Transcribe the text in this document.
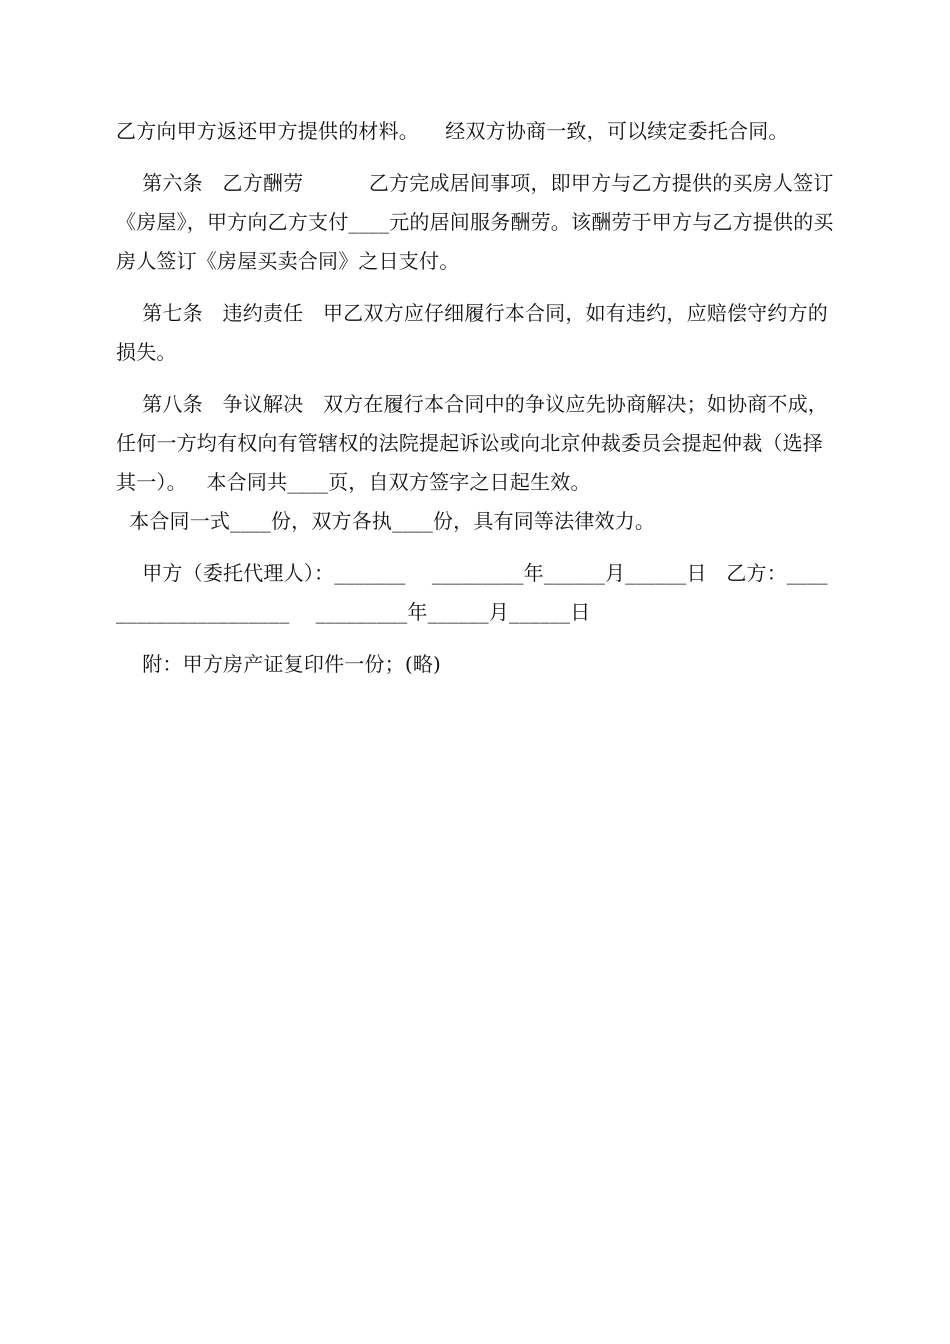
乙方向甲方返还甲方提供的材料。    经双方协商一致，可以续定委托合同。

第六条   乙方酬劳          乙方完成居间事项，即甲方与乙方提供的买房人签订《房屋》，甲方向乙方支付____元的居间服务酬劳。该酬劳于甲方与乙方提供的买房人签订《房屋买卖合同》之日支付。

第七条   违约责任   甲乙双方应仔细履行本合同，如有违约，应赔偿守约方的损失。

第八条   争议解决   双方在履行本合同中的争议应先协商解决；如协商不成，任何一方均有权向有管辖权的法院提起诉讼或向北京仲裁委员会提起仲裁（选择其一）。   本合同共____页，自双方签字之日起生效。

本合同一式____份，双方各执____份，具有同等法律效力。

甲方（委托代理人）：_______    _________年______月______日   乙方：_____________________    _________年______月______日

附：甲方房产证复印件一份；(略)
